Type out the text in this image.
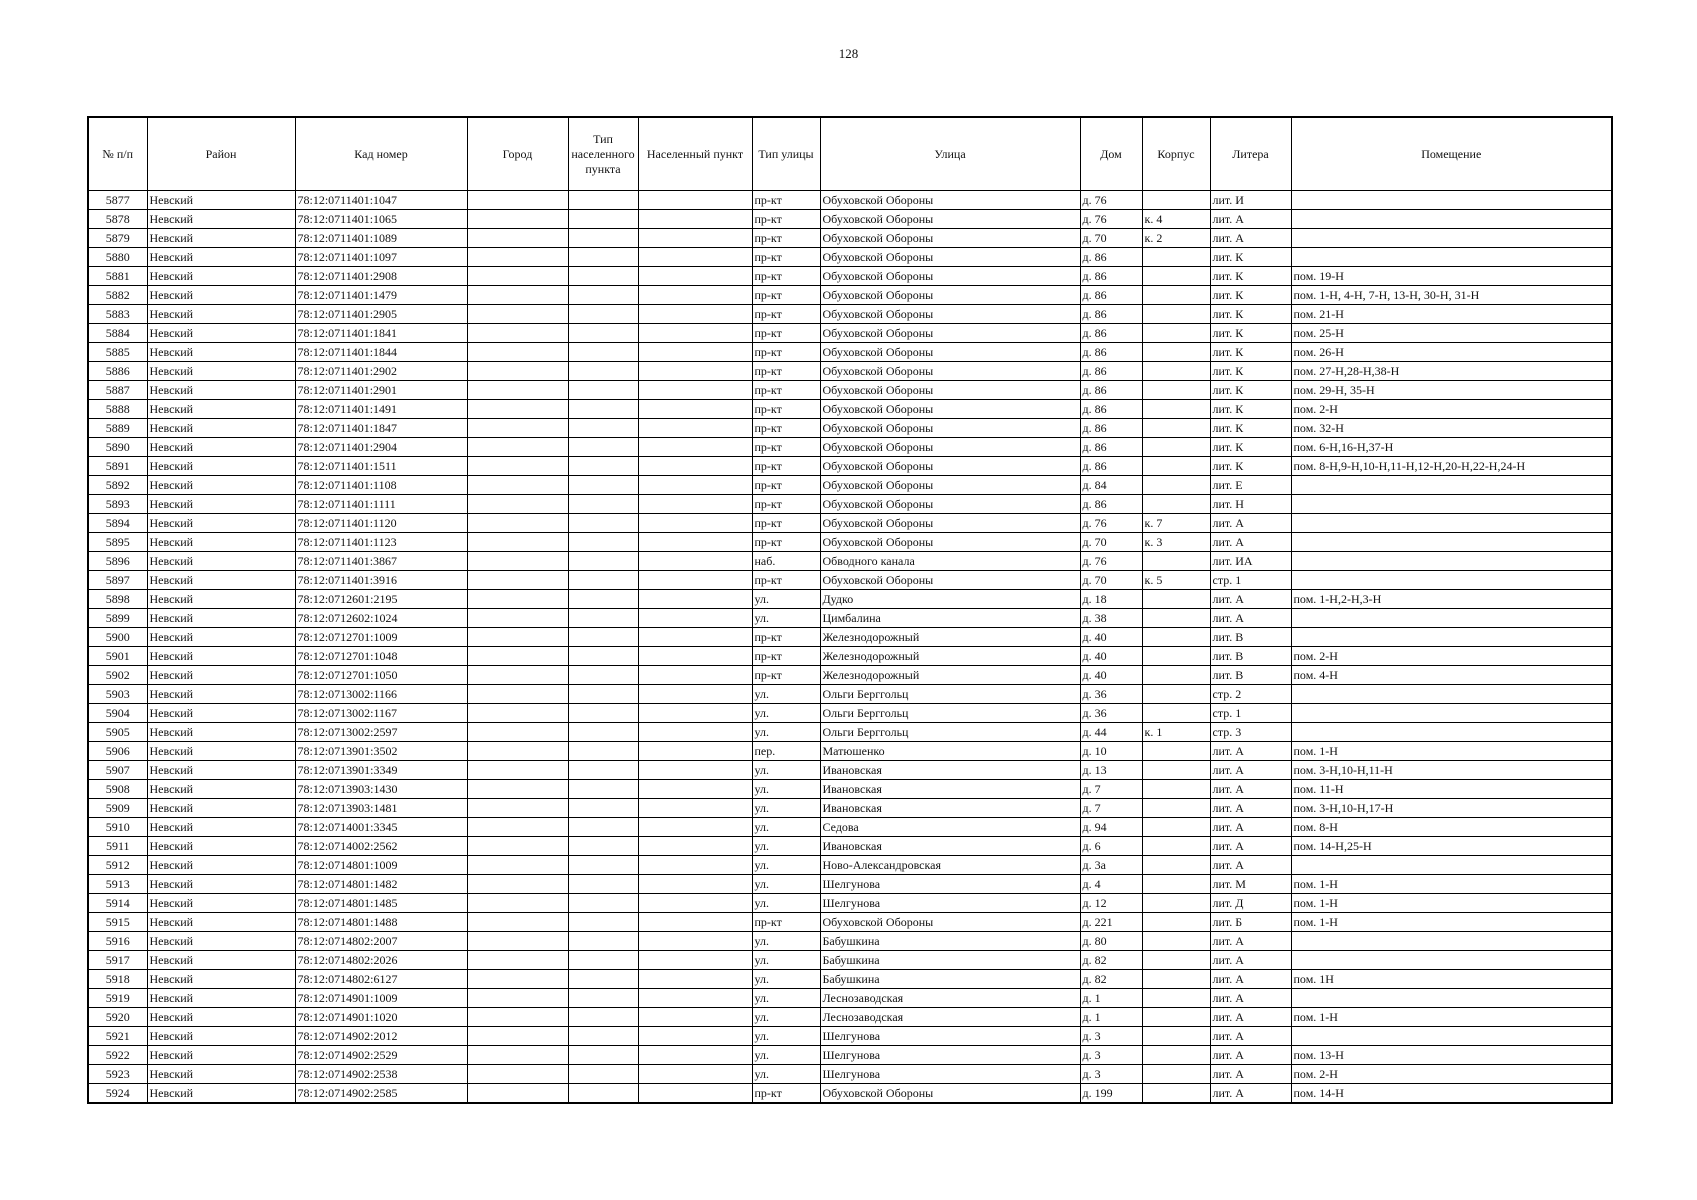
128
№ п/п	Район	Кад номер	Город	Тип населенного пункта	Населенный пункт	Тип улицы	Улица	Дом	Корпус	Литера	Помещение
5877	Невский	78:12:0711401:1047				пр-кт	Обуховской Обороны	д. 76		лит. И	
5878	Невский	78:12:0711401:1065				пр-кт	Обуховской Обороны	д. 76	к. 4	лит. А	
5879	Невский	78:12:0711401:1089				пр-кт	Обуховской Обороны	д. 70	к. 2	лит. А	
5880	Невский	78:12:0711401:1097				пр-кт	Обуховской Обороны	д. 86		лит. К	
5881	Невский	78:12:0711401:2908				пр-кт	Обуховской Обороны	д. 86		лит. К	пом. 19-Н
5882	Невский	78:12:0711401:1479				пр-кт	Обуховской Обороны	д. 86		лит. К	пом. 1-Н, 4-Н, 7-Н, 13-Н, 30-Н, 31-Н
5883	Невский	78:12:0711401:2905				пр-кт	Обуховской Обороны	д. 86		лит. К	пом. 21-Н
5884	Невский	78:12:0711401:1841				пр-кт	Обуховской Обороны	д. 86		лит. К	пом. 25-Н
5885	Невский	78:12:0711401:1844				пр-кт	Обуховской Обороны	д. 86		лит. К	пом. 26-Н
5886	Невский	78:12:0711401:2902				пр-кт	Обуховской Обороны	д. 86		лит. К	пом. 27-Н,28-Н,38-Н
5887	Невский	78:12:0711401:2901				пр-кт	Обуховской Обороны	д. 86		лит. К	пом. 29-Н, 35-Н
5888	Невский	78:12:0711401:1491				пр-кт	Обуховской Обороны	д. 86		лит. К	пом. 2-Н
5889	Невский	78:12:0711401:1847				пр-кт	Обуховской Обороны	д. 86		лит. К	пом. 32-Н
5890	Невский	78:12:0711401:2904				пр-кт	Обуховской Обороны	д. 86		лит. К	пом. 6-Н,16-Н,37-Н
5891	Невский	78:12:0711401:1511				пр-кт	Обуховской Обороны	д. 86		лит. К	пом. 8-Н,9-Н,10-Н,11-Н,12-Н,20-Н,22-Н,24-Н
5892	Невский	78:12:0711401:1108				пр-кт	Обуховской Обороны	д. 84		лит. Е	
5893	Невский	78:12:0711401:1111				пр-кт	Обуховской Обороны	д. 86		лит. Н	
5894	Невский	78:12:0711401:1120				пр-кт	Обуховской Обороны	д. 76	к. 7	лит. А	
5895	Невский	78:12:0711401:1123				пр-кт	Обуховской Обороны	д. 70	к. 3	лит. А	
5896	Невский	78:12:0711401:3867				наб.	Обводного канала	д. 76		лит. ИА	
5897	Невский	78:12:0711401:3916				пр-кт	Обуховской Обороны	д. 70	к. 5	стр. 1	
5898	Невский	78:12:0712601:2195				ул.	Дудко	д. 18		лит. А	пом. 1-Н,2-Н,3-Н
5899	Невский	78:12:0712602:1024				ул.	Цимбалина	д. 38		лит. А	
5900	Невский	78:12:0712701:1009				пр-кт	Железнодорожный	д. 40		лит. В	
5901	Невский	78:12:0712701:1048				пр-кт	Железнодорожный	д. 40		лит. В	пом. 2-Н
5902	Невский	78:12:0712701:1050				пр-кт	Железнодорожный	д. 40		лит. В	пом. 4-Н
5903	Невский	78:12:0713002:1166				ул.	Ольги Берггольц	д. 36		стр. 2	
5904	Невский	78:12:0713002:1167				ул.	Ольги Берггольц	д. 36		стр. 1	
5905	Невский	78:12:0713002:2597				ул.	Ольги Берггольц	д. 44	к. 1	стр. 3	
5906	Невский	78:12:0713901:3502				пер.	Матюшенко	д. 10		лит. А	пом. 1-Н
5907	Невский	78:12:0713901:3349				ул.	Ивановская	д. 13		лит. А	пом. 3-Н,10-Н,11-Н
5908	Невский	78:12:0713903:1430				ул.	Ивановская	д. 7		лит. А	пом. 11-Н
5909	Невский	78:12:0713903:1481				ул.	Ивановская	д. 7		лит. А	пом. 3-Н,10-Н,17-Н
5910	Невский	78:12:0714001:3345				ул.	Седова	д. 94		лит. А	пом. 8-Н
5911	Невский	78:12:0714002:2562				ул.	Ивановская	д. 6		лит. А	пом. 14-Н,25-Н
5912	Невский	78:12:0714801:1009				ул.	Ново-Александровская	д. 3а		лит. А	
5913	Невский	78:12:0714801:1482				ул.	Шелгунова	д. 4		лит. М	пом. 1-Н
5914	Невский	78:12:0714801:1485				ул.	Шелгунова	д. 12		лит. Д	пом. 1-Н
5915	Невский	78:12:0714801:1488				пр-кт	Обуховской Обороны	д. 221		лит. Б	пом. 1-Н
5916	Невский	78:12:0714802:2007				ул.	Бабушкина	д. 80		лит. А	
5917	Невский	78:12:0714802:2026				ул.	Бабушкина	д. 82		лит. А	
5918	Невский	78:12:0714802:6127				ул.	Бабушкина	д. 82		лит. А	пом. 1Н
5919	Невский	78:12:0714901:1009				ул.	Леснозаводская	д. 1		лит. А	
5920	Невский	78:12:0714901:1020				ул.	Леснозаводская	д. 1		лит. А	пом. 1-Н
5921	Невский	78:12:0714902:2012				ул.	Шелгунова	д. 3		лит. А	
5922	Невский	78:12:0714902:2529				ул.	Шелгунова	д. 3		лит. А	пом. 13-Н
5923	Невский	78:12:0714902:2538				ул.	Шелгунова	д. 3		лит. А	пом. 2-Н
5924	Невский	78:12:0714902:2585				пр-кт	Обуховской Обороны	д. 199		лит. А	пом. 14-Н
